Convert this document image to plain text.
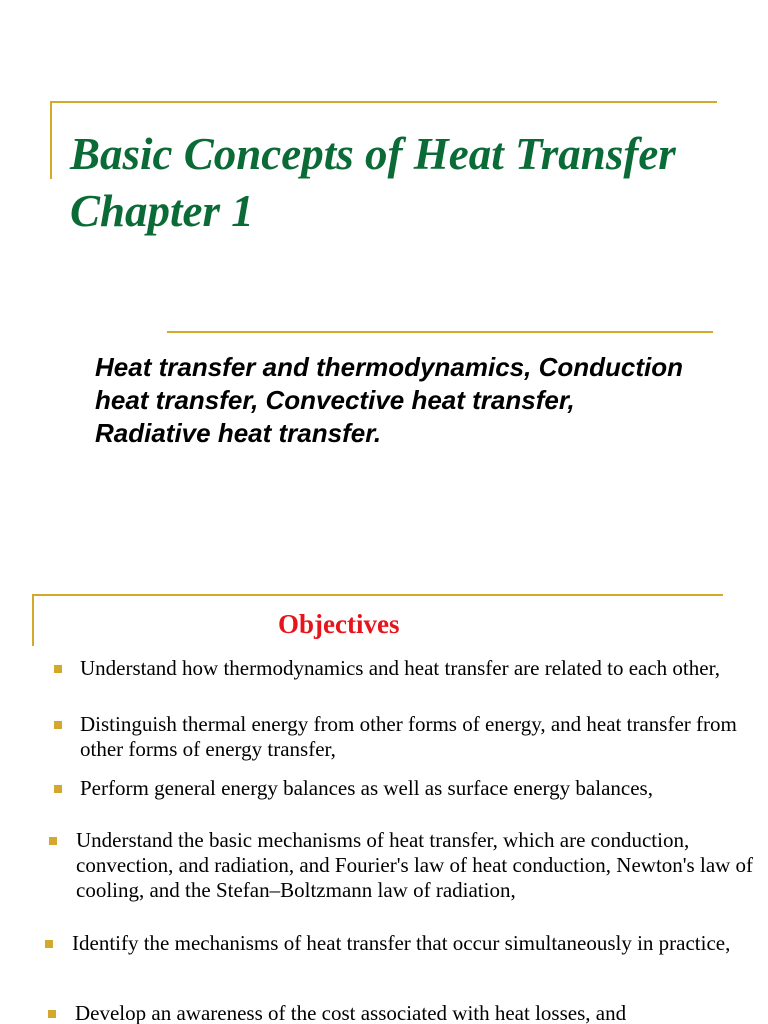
Basic Concepts of Heat Transfer
Chapter 1

Heat transfer and thermodynamics, Conduction heat transfer, Convective heat transfer, Radiative heat transfer.

Objectives
Understand how thermodynamics and heat transfer are related to each other,
Distinguish thermal energy from other forms of energy, and heat transfer from other forms of energy transfer,
Perform general energy balances as well as surface energy balances,
Understand the basic mechanisms of heat transfer, which are conduction, convection, and radiation, and Fourier's law of heat conduction, Newton's law of cooling, and the Stefan–Boltzmann law of radiation,
Identify the mechanisms of heat transfer that occur simultaneously in practice,
Develop an awareness of the cost associated with heat losses, and
